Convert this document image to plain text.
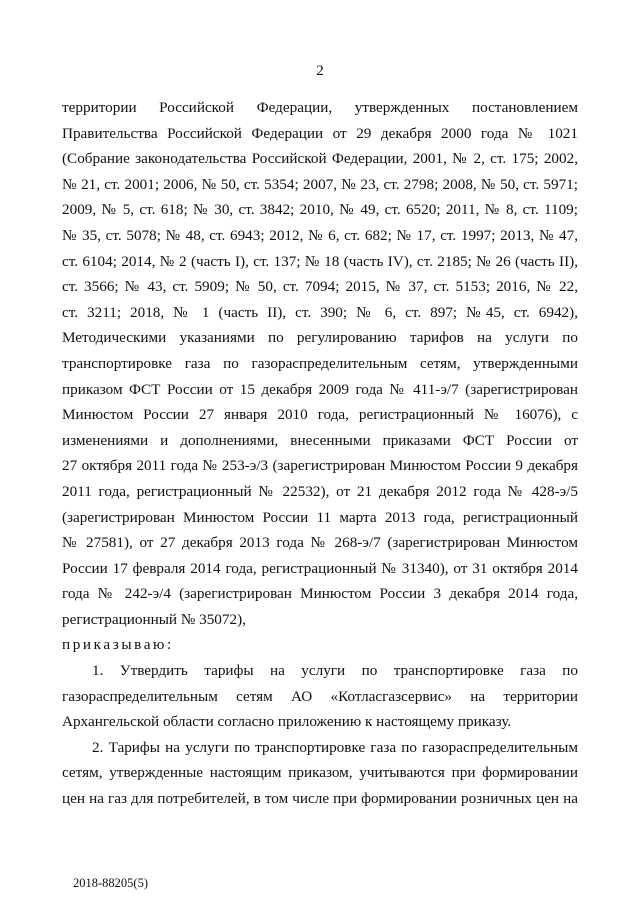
2
территории Российской Федерации, утвержденных постановлением
Правительства Российской Федерации от 29 декабря 2000 года № 1021
(Собрание законодательства Российской Федерации, 2001, № 2, ст. 175; 2002,
№ 21, ст. 2001; 2006, № 50, ст. 5354; 2007, № 23, ст. 2798; 2008, № 50, ст. 5971;
2009, № 5, ст. 618; № 30, ст. 3842; 2010, № 49, ст. 6520; 2011, № 8, ст. 1109;
№ 35, ст. 5078; № 48, ст. 6943; 2012, № 6, ст. 682; № 17, ст. 1997; 2013, № 47,
ст. 6104; 2014, № 2 (часть I), ст. 137; № 18 (часть IV), ст. 2185; № 26 (часть II),
ст. 3566; № 43, ст. 5909; № 50, ст. 7094; 2015, № 37, ст. 5153; 2016, № 22,
ст. 3211; 2018, № 1 (часть II), ст. 390; № 6, ст. 897; №45, ст. 6942),
Методическими указаниями по регулированию тарифов на услуги по
транспортировке газа по газораспределительным сетям, утвержденными
приказом ФСТ России от 15 декабря 2009 года № 411-э/7 (зарегистрирован
Минюстом России 27 января 2010 года, регистрационный № 16076), с
изменениями и дополнениями, внесенными приказами ФСТ России от
27 октября 2011 года № 253-э/3 (зарегистрирован Минюстом России 9 декабря
2011 года, регистрационный № 22532), от 21 декабря 2012 года № 428-э/5
(зарегистрирован Минюстом России 11 марта 2013 года, регистрационный
№ 27581), от 27 декабря 2013 года № 268-э/7 (зарегистрирован Минюстом
России 17 февраля 2014 года, регистрационный № 31340), от 31 октября 2014
года № 242-э/4 (зарегистрирован Минюстом России 3 декабря 2014 года,
регистрационный № 35072),
приказываю:
1. Утвердить тарифы на услуги по транспортировке газа по
газораспределительным сетям АО «Котласгазсервис» на территории
Архангельской области согласно приложению к настоящему приказу.
2. Тарифы на услуги по транспортировке газа по газораспределительным
сетям, утвержденные настоящим приказом, учитываются при формировании
цен на газ для потребителей, в том числе при формировании розничных цен на
2018-88205(5)
